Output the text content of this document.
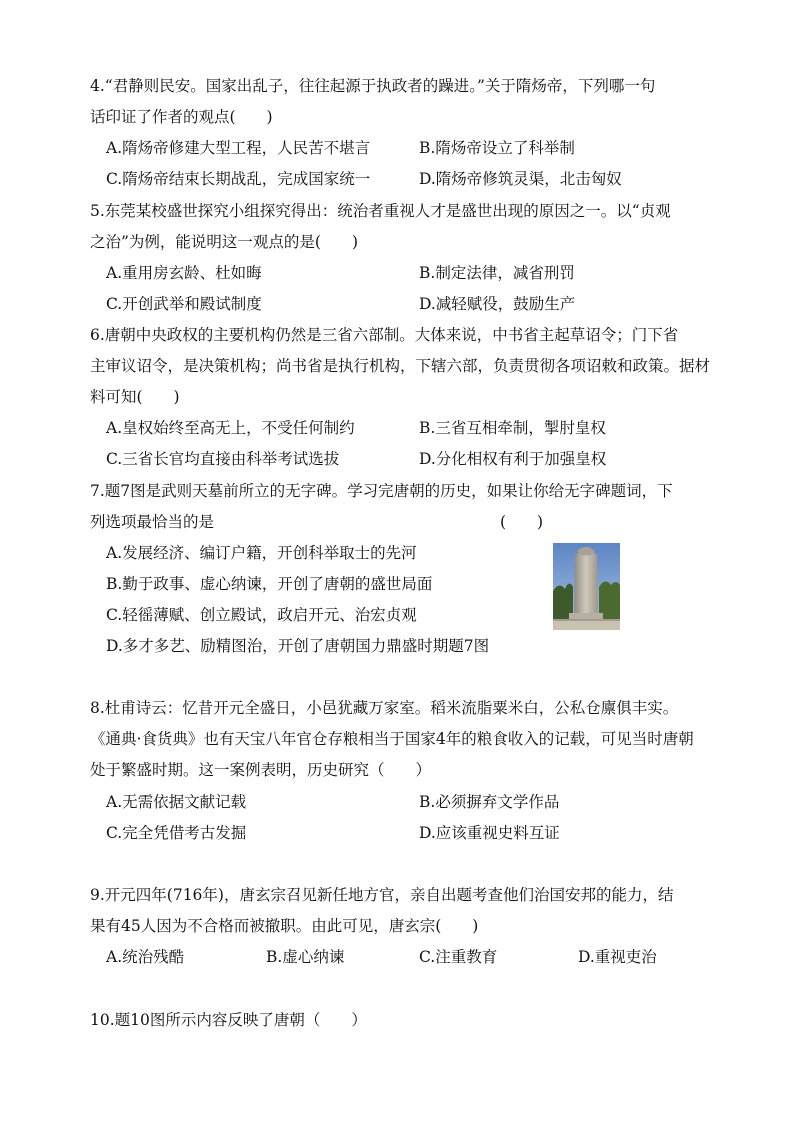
4.“君静则民安。国家出乱子，往往起源于执政者的躁进。”关于隋炀帝，下列哪一句
话印证了作者的观点(　　)
A.隋炀帝修建大型工程，人民苦不堪言	B.隋炀帝设立了科举制
C.隋炀帝结束长期战乱，完成国家统一	D.隋炀帝修筑灵渠，北击匈奴
5.东莞某校盛世探究小组探究得出：统治者重视人才是盛世出现的原因之一。以“贞观
之治”为例，能说明这一观点的是(　　)
A.重用房玄龄、杜如晦	B.制定法律，减省刑罚
C.开创武举和殿试制度	D.减轻赋役，鼓励生产
6.唐朝中央政权的主要机构仍然是三省六部制。大体来说，中书省主起草诏令；门下省
主审议诏令，是决策机构；尚书省是执行机构，下辖六部，负责贯彻各项诏敕和政策。据材
料可知(　　)
A.皇权始终至高无上，不受任何制约	B.三省互相牵制，掣肘皇权
C.三省长官均直接由科举考试选拔	D.分化相权有利于加强皇权
7.题7图是武则天墓前所立的无字碑。学习完唐朝的历史，如果让你给无字碑题词，下
列选项最恰当的是	(　　)
A.发展经济、编订户籍，开创科举取士的先河
B.勤于政事、虚心纳谏，开创了唐朝的盛世局面
C.轻徭薄赋、创立殿试，政启开元、治宏贞观
D.多才多艺、励精图治，开创了唐朝国力鼎盛时期题7图
8.杜甫诗云：忆昔开元全盛日，小邑犹藏万家室。稻米流脂粟米白，公私仓廪俱丰实。
《通典·食货典》也有天宝八年官仓存粮相当于国家4年的粮食收入的记载，可见当时唐朝
处于繁盛时期。这一案例表明，历史研究（　　）
A.无需依据文献记载	B.必须摒弃文学作品
C.完全凭借考古发掘	D.应该重视史料互证
9.开元四年(716年)，唐玄宗召见新任地方官，亲自出题考查他们治国安邦的能力，结
果有45人因为不合格而被撤职。由此可见，唐玄宗(　　)
A.统治残酷	B.虚心纳谏	C.注重教育	D.重视吏治
10.题10图所示内容反映了唐朝（　　）
